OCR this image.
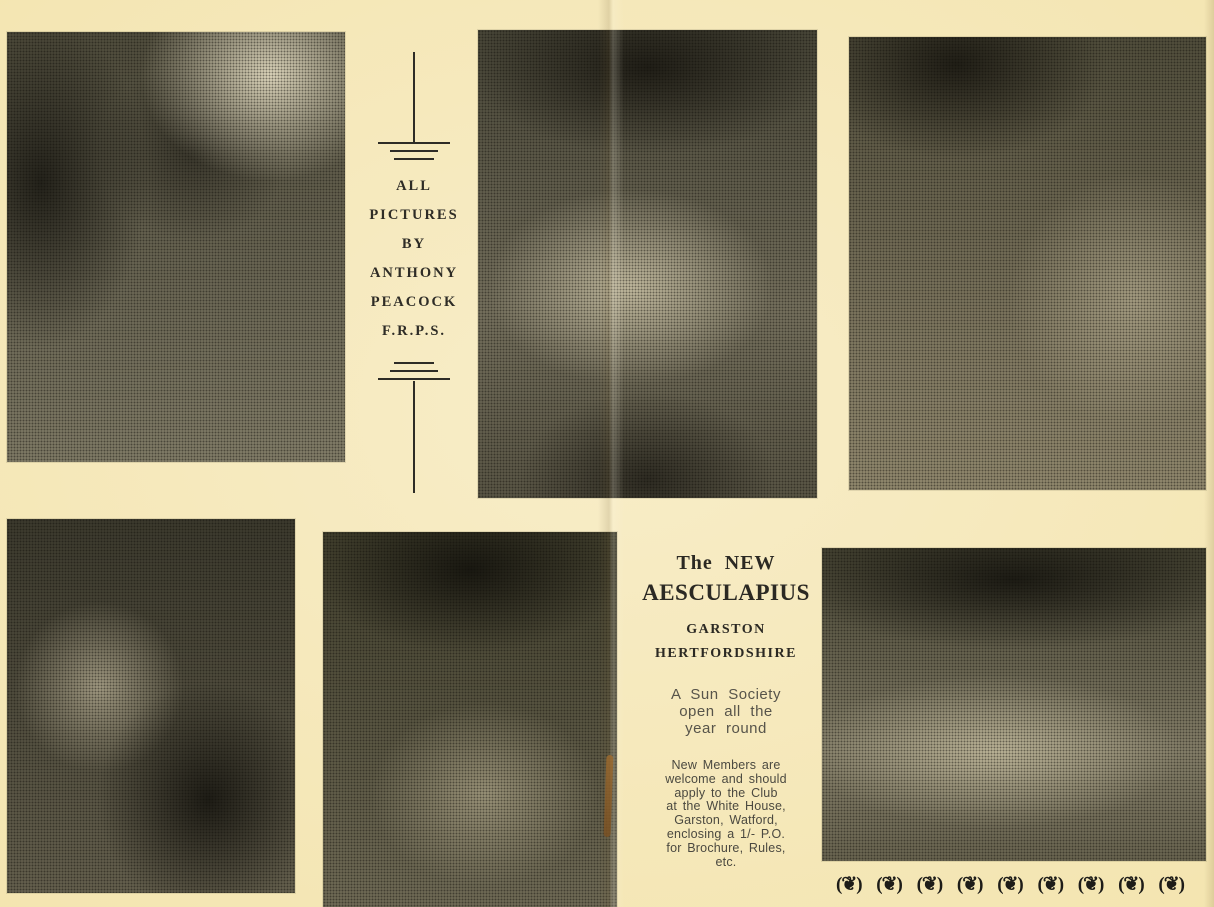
ALL
PICTURES
BY
ANTHONY
PEACOCK
F.R.P.S.
The NEW
AESCULAPIUS
GARSTON
HERTFORDSHIRE
A Sun Society
open all the
year round
New Members are
welcome and should
apply to the Club
at the White House,
Garston, Watford,
enclosing a 1/- P.O.
for Brochure, Rules,
etc.
(❦) (❦) (❦) (❦) (❦) (❦) (❦) (❦) (❦)
